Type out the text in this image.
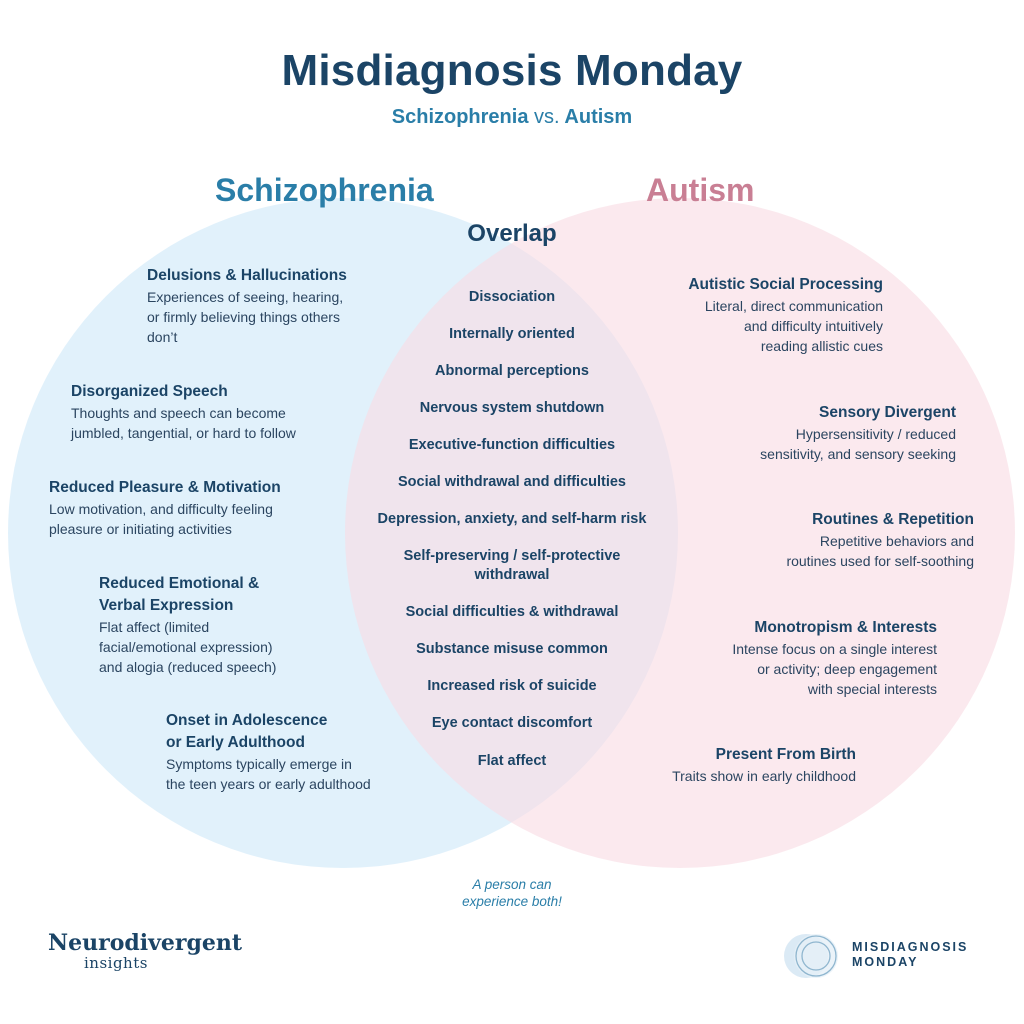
Misdiagnosis Monday
Schizophrenia vs. Autism
Schizophrenia	Autism
Overlap
Delusions & Hallucinations
Experiences of seeing, hearing,
or firmly believing things others
don’t
Disorganized Speech
Thoughts and speech can become
jumbled, tangential, or hard to follow
Reduced Pleasure & Motivation
Low motivation, and difficulty feeling
pleasure or initiating activities
Reduced Emotional &
Verbal Expression
Flat affect (limited
facial/emotional expression)
and alogia (reduced speech)
Onset in Adolescence
or Early Adulthood
Symptoms typically emerge in
the teen years or early adulthood
Autistic Social Processing
Literal, direct communication
and difficulty intuitively
reading allistic cues
Sensory Divergent
Hypersensitivity / reduced
sensitivity, and sensory seeking
Routines & Repetition
Repetitive behaviors and
routines used for self-soothing
Monotropism & Interests
Intense focus on a single interest
or activity; deep engagement
with special interests
Present From Birth
Traits show in early childhood
Dissociation
Internally oriented
Abnormal perceptions
Nervous system shutdown
Executive-function difficulties
Social withdrawal and difficulties
Depression, anxiety, and self-harm risk
Self-preserving / self-protective
withdrawal
Social difficulties & withdrawal
Substance misuse common
Increased risk of suicide
Eye contact discomfort
Flat affect
A person can
experience both!
Neurodivergent
insights
MISDIAGNOSIS
MONDAY
